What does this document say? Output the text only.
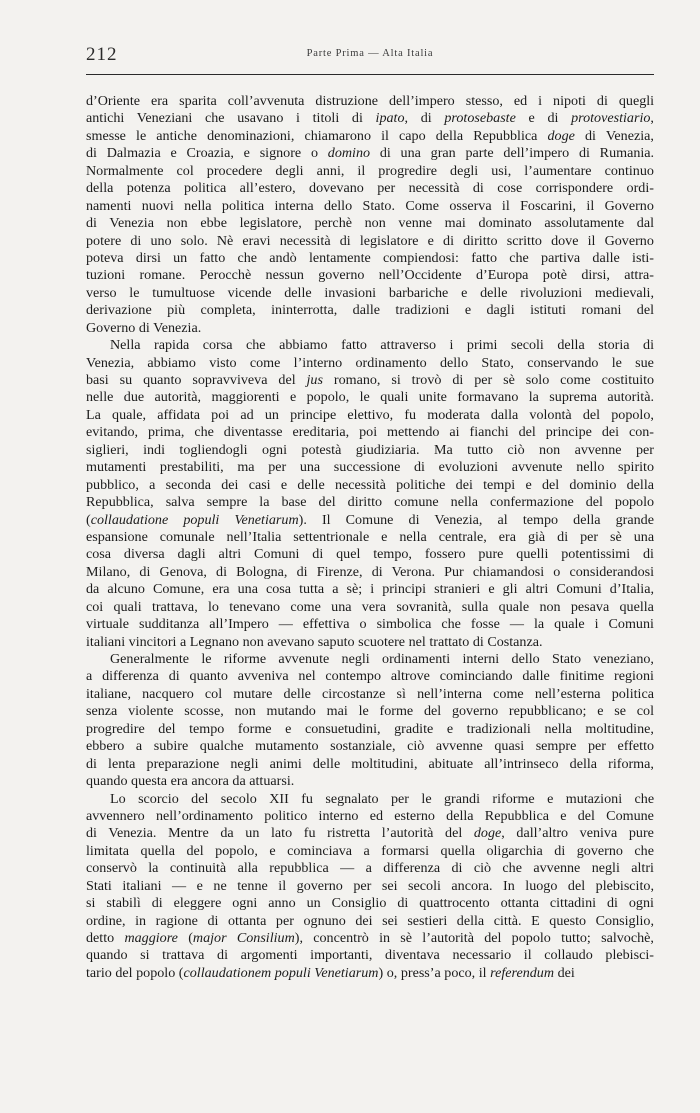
212	Parte Prima — Alta Italia
d’Oriente era sparita coll’avvenuta distruzione dell’impero stesso, ed i nipoti di quegli
antichi Veneziani che usavano i titoli di ipato, di protosebaste e di protovestiario,
smesse le antiche denominazioni, chiamarono il capo della Repubblica doge di Venezia,
di Dalmazia e Croazia, e signore o domino di una gran parte dell’impero di Rumania.
Normalmente col procedere degli anni, il progredire degli usi, l’aumentare continuo
della potenza politica all’estero, dovevano per necessità di cose corrispondere ordi-
namenti nuovi nella politica interna dello Stato. Come osserva il Foscarini, il Governo
di Venezia non ebbe legislatore, perchè non venne mai dominato assolutamente dal
potere di uno solo. Nè eravi necessità di legislatore e di diritto scritto dove il Governo
poteva dirsi un fatto che andò lentamente compiendosi: fatto che partiva dalle isti-
tuzioni romane. Perocchè nessun governo nell’Occidente d’Europa potè dirsi, attra-
verso le tumultuose vicende delle invasioni barbariche e delle rivoluzioni medievali,
derivazione più completa, ininterrotta, dalle tradizioni e dagli istituti romani del
Governo di Venezia.
Nella rapida corsa che abbiamo fatto attraverso i primi secoli della storia di
Venezia, abbiamo visto come l’interno ordinamento dello Stato, conservando le sue
basi su quanto sopravviveva del jus romano, si trovò di per sè solo come costituito
nelle due autorità, maggiorenti e popolo, le quali unite formavano la suprema autorità.
La quale, affidata poi ad un principe elettivo, fu moderata dalla volontà del popolo,
evitando, prima, che diventasse ereditaria, poi mettendo ai fianchi del principe dei con-
siglieri, indi togliendogli ogni potestà giudiziaria. Ma tutto ciò non avvenne per
mutamenti prestabiliti, ma per una successione di evoluzioni avvenute nello spirito
pubblico, a seconda dei casi e delle necessità politiche dei tempi e del dominio della
Repubblica, salva sempre la base del diritto comune nella confermazione del popolo
(collaudatione populi Venetiarum). Il Comune di Venezia, al tempo della grande
espansione comunale nell’Italia settentrionale e nella centrale, era già di per sè una
cosa diversa dagli altri Comuni di quel tempo, fossero pure quelli potentissimi di
Milano, di Genova, di Bologna, di Firenze, di Verona. Pur chiamandosi o considerandosi
da alcuno Comune, era una cosa tutta a sè; i principi stranieri e gli altri Comuni d’Italia,
coi quali trattava, lo tenevano come una vera sovranità, sulla quale non pesava quella
virtuale sudditanza all’Impero — effettiva o simbolica che fosse — la quale i Comuni
italiani vincitori a Legnano non avevano saputo scuotere nel trattato di Costanza.
Generalmente le riforme avvenute negli ordinamenti interni dello Stato veneziano,
a differenza di quanto avveniva nel contempo altrove cominciando dalle finitime regioni
italiane, nacquero col mutare delle circostanze sì nell’interna come nell’esterna politica
senza violente scosse, non mutando mai le forme del governo repubblicano; e se col
progredire del tempo forme e consuetudini, gradite e tradizionali nella moltitudine,
ebbero a subire qualche mutamento sostanziale, ciò avvenne quasi sempre per effetto
di lenta preparazione negli animi delle moltitudini, abituate all’intrinseco della riforma,
quando questa era ancora da attuarsi.
Lo scorcio del secolo XII fu segnalato per le grandi riforme e mutazioni che
avvennero nell’ordinamento politico interno ed esterno della Repubblica e del Comune
di Venezia. Mentre da un lato fu ristretta l’autorità del doge, dall’altro veniva pure
limitata quella del popolo, e cominciava a formarsi quella oligarchia di governo che
conservò la continuità alla repubblica — a differenza di ciò che avvenne negli altri
Stati italiani — e ne tenne il governo per sei secoli ancora. In luogo del plebiscito,
si stabilì di eleggere ogni anno un Consiglio di quattrocento ottanta cittadini di ogni
ordine, in ragione di ottanta per ognuno dei sei sestieri della città. E questo Consiglio,
detto maggiore (major Consilium), concentrò in sè l’autorità del popolo tutto; salvochè,
quando si trattava di argomenti importanti, diventava necessario il collaudo plebisci-
tario del popolo (collaudationem populi Venetiarum) o, press’a poco, il referendum dei
